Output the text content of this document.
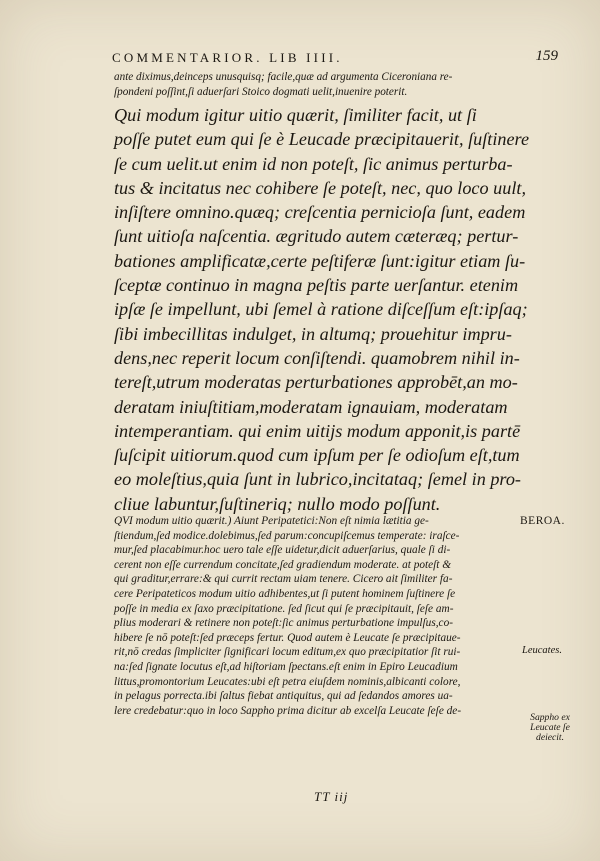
COMMENTARIOR. LIB IIII.	159
ante diximus,deinceps unusquisq; facile,quæ ad argumenta Ciceroniana re-
ſpondeni poſſint,ſi aduerſari Stoico dogmati uelit,inuenire poterit.
Qui modum igitur uitio quærit, ſimiliter facit, ut ſi
poſſe putet eum qui ſe è Leucade præcipitauerit, ſuſtinere
ſe cum uelit.ut enim id non poteſt, ſic animus perturba-
tus & incitatus nec cohibere ſe poteſt, nec, quo loco uult,
inſiſtere omnino.quæq; creſcentia pernicioſa ſunt, eadem
ſunt uitioſa naſcentia. ægritudo autem cæteræq; pertur-
bationes amplificatæ,certe peſtiferæ ſunt:igitur etiam ſu-
ſceptæ continuo in magna peſtis parte uerſantur. etenim
ipſæ ſe impellunt, ubi ſemel à ratione diſceſſum eſt:ipſaq;
ſibi imbecillitas indulget, in altumq; prouehitur impru-
dens,nec reperit locum conſiſtendi. quamobrem nihil in-
tereſt,utrum moderatas perturbationes approbēt,an mo-
deratam iniuſtitiam,moderatam ignauiam, moderatam
intemperantiam. qui enim uitijs modum apponit,is partē
ſuſcipit uitiorum.quod cum ipſum per ſe odioſum eſt,tum
eo moleſtius,quia ſunt in lubrico,incitataq; ſemel in pro-
cliue labuntur,ſuſtineriq; nullo modo poſſunt.
QVI modum uitio quærit.) Aiunt Peripatetici:Non eſt nimia lætitia ge-
ſtiendum,ſed modice.dolebimus,ſed parum:concupiſcemus temperate: iraſce-
mur,ſed placabimur.hoc uero tale eſſe uidetur,dicit aduerſarius, quale ſi di-
cerent non eſſe currendum concitate,ſed gradiendum moderate. at poteſt &
qui graditur,errare:& qui currit rectam uiam tenere. Cicero ait ſimiliter fa-
cere Peripateticos modum uitio adhibentes,ut ſi putent hominem ſuſtinere ſe
poſſe in media ex ſaxo præcipitatione. ſed ſicut qui ſe præcipitauit, ſeſe am-
plius moderari & retinere non poteſt:ſic animus perturbatione impulſus,co-
hibere ſe nō poteſt:ſed præceps fertur. Quod autem è Leucate ſe præcipitaue-
rit,nō credas ſimpliciter ſignificari locum editum,ex quo præcipitatior ſit rui-
na:ſed ſignate locutus eſt,ad hiſtoriam ſpectans.eſt enim in Epiro Leucadium
littus,promontorium Leucates:ubi eſt petra eiuſdem nominis,albicanti colore,
in pelagus porrecta.ibi ſaltus fiebat antiquitus, qui ad ſedandos amores ua-
lere credebatur:quo in loco Sappho prima dicitur ab excelſa Leucate ſeſe de-
BEROA.
Leucates.
Sappho ex
Leucate ſe
deiecit.
TT iij
